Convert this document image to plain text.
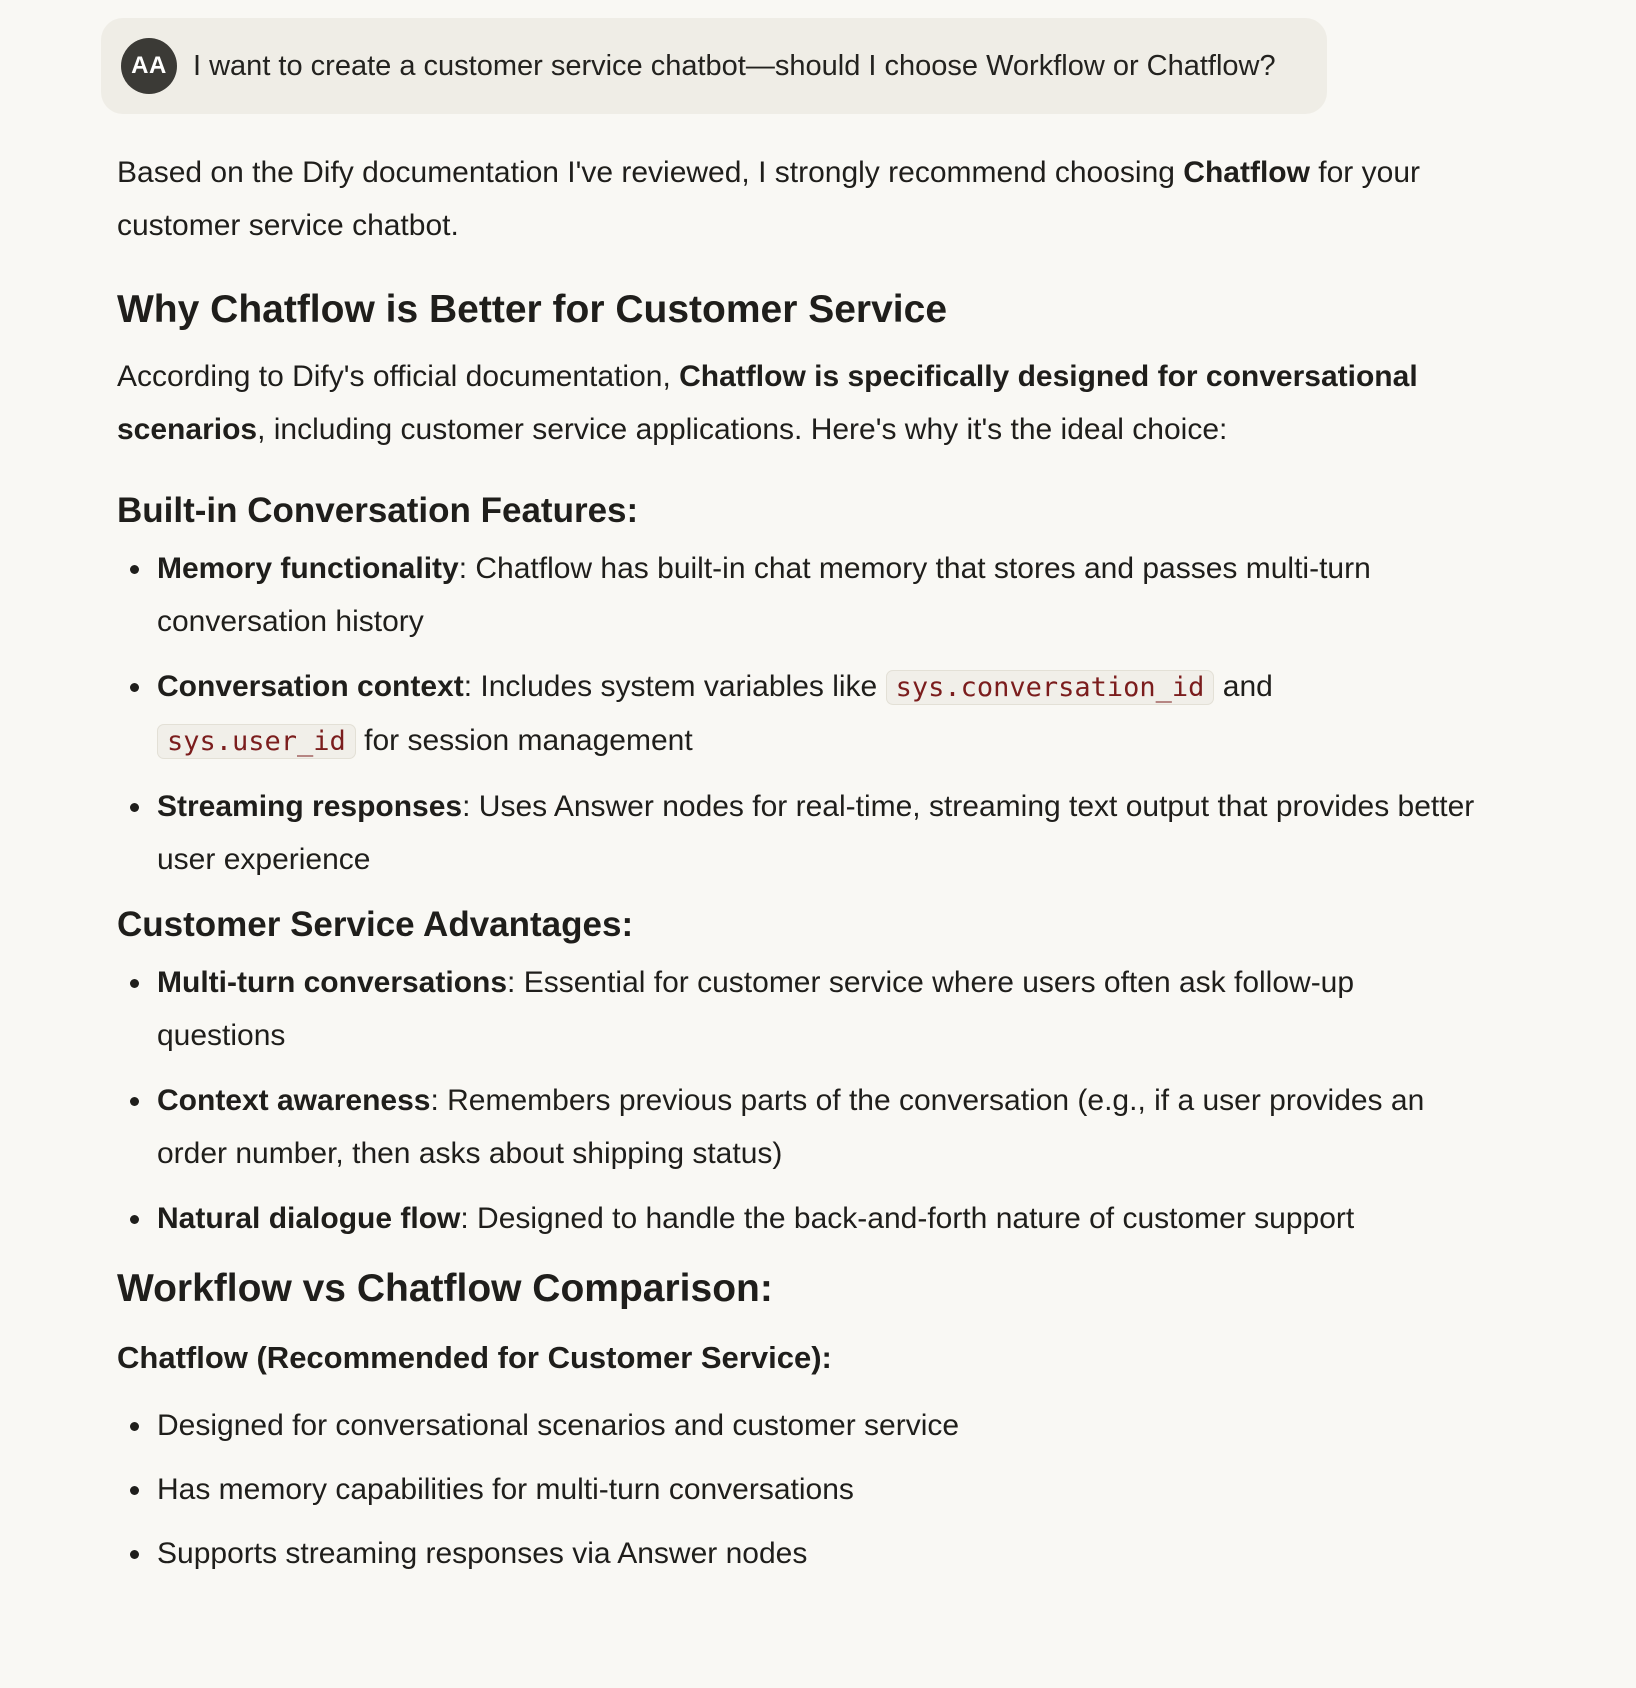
AA I want to create a customer service chatbot—should I choose Workflow or Chatflow?

Based on the Dify documentation I've reviewed, I strongly recommend choosing Chatflow for your customer service chatbot.

Why Chatflow is Better for Customer Service

According to Dify's official documentation, Chatflow is specifically designed for conversational scenarios, including customer service applications. Here's why it's the ideal choice:

Built-in Conversation Features:
Memory functionality: Chatflow has built-in chat memory that stores and passes multi-turn conversation history
Conversation context: Includes system variables like sys.conversation_id and sys.user_id for session management
Streaming responses: Uses Answer nodes for real-time, streaming text output that provides better user experience
Customer Service Advantages:
Multi-turn conversations: Essential for customer service where users often ask follow-up questions
Context awareness: Remembers previous parts of the conversation (e.g., if a user provides an order number, then asks about shipping status)
Natural dialogue flow: Designed to handle the back-and-forth nature of customer support
Workflow vs Chatflow Comparison:
Chatflow (Recommended for Customer Service):
Designed for conversational scenarios and customer service
Has memory capabilities for multi-turn conversations
Supports streaming responses via Answer nodes
